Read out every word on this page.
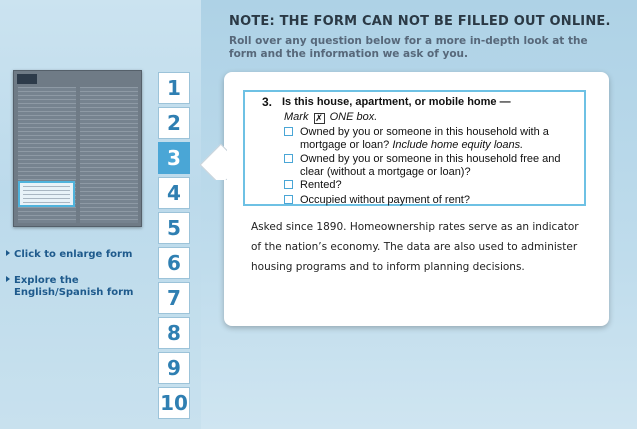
Click to enlarge form
Explore the
English/Spanish form
1
2
3
4
5
6
7
8
9
10
NOTE: THE FORM CAN NOT BE FILLED OUT ONLINE.
Roll over any question below for a more in-depth look at the form and the information we ask of you.
3. Is this house, apartment, or mobile home —
Mark ✗ ONE box.
Owned by you or someone in this household with a
mortgage or loan? Include home equity loans.
Owned by you or someone in this household free and
clear (without a mortgage or loan)?
Rented?
Occupied without payment of rent?
Asked since 1890. Homeownership rates serve as an indicator of the nation’s economy. The data are also used to administer housing programs and to inform planning decisions.
